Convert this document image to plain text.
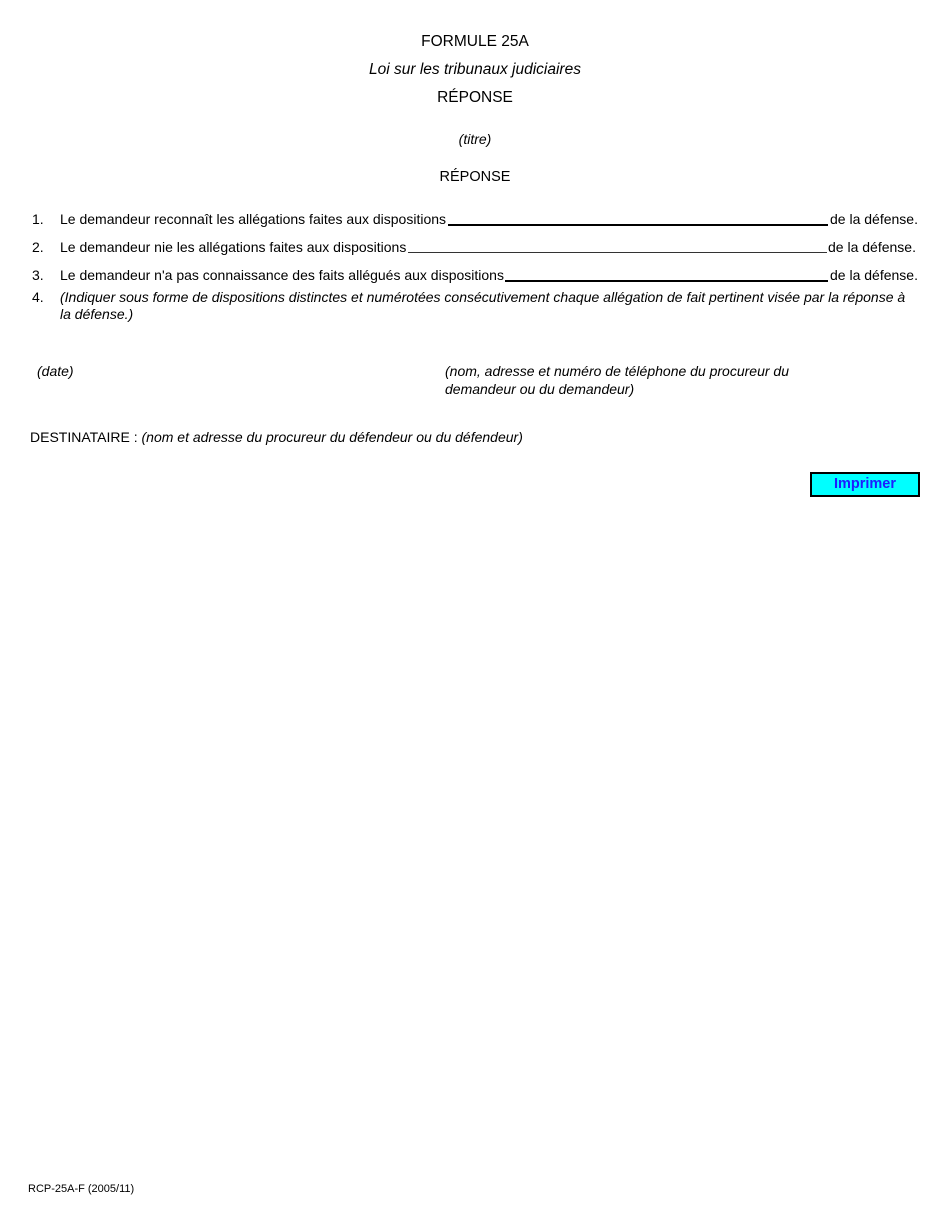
FORMULE 25A
Loi sur les tribunaux judiciaires
RÉPONSE
(titre)
RÉPONSE
1. Le demandeur reconnaît les allégations faites aux dispositions	de la défense.
2. Le demandeur nie les allégations faites aux dispositions	de la défense.
3. Le demandeur n'a pas connaissance des faits allégués aux dispositions	de la défense.
4. (Indiquer sous forme de dispositions distinctes et numérotées consécutivement chaque allégation de fait pertinent visée par la réponse à la défense.)
(date)	(nom, adresse et numéro de téléphone du procureur du demandeur ou du demandeur)
DESTINATAIRE : (nom et adresse du procureur du défendeur ou du défendeur)
Imprimer
RCP-25A-F (2005/11)
